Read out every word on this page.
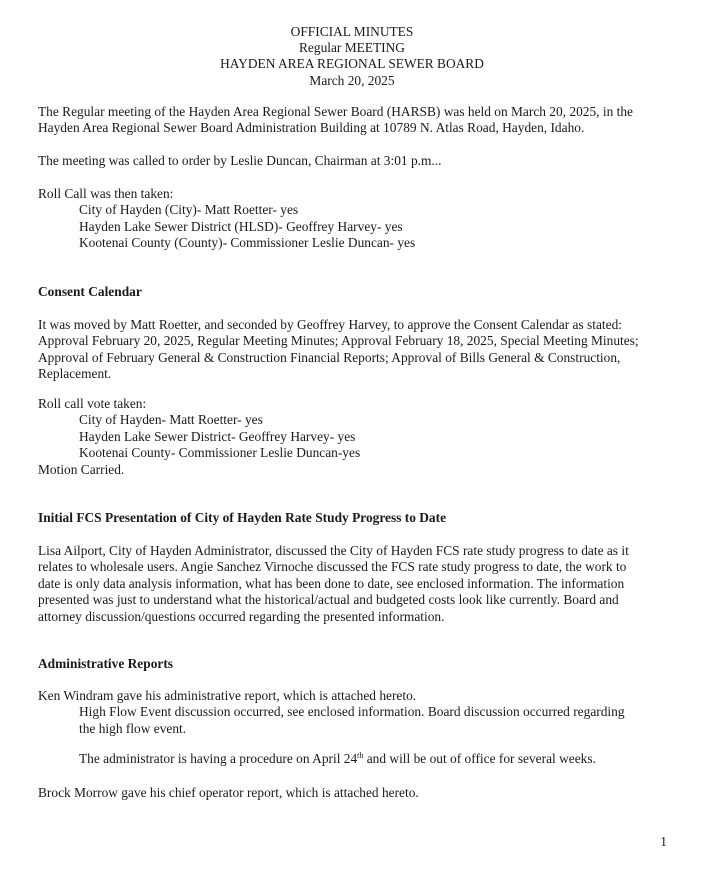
OFFICIAL MINUTES
Regular MEETING
HAYDEN AREA REGIONAL SEWER BOARD
March 20, 2025
The Regular meeting of the Hayden Area Regional Sewer Board (HARSB) was held on March 20, 2025, in the
Hayden Area Regional Sewer Board Administration Building at 10789 N. Atlas Road, Hayden, Idaho.
The meeting was called to order by Leslie Duncan, Chairman at 3:01 p.m...
Roll Call was then taken:
City of Hayden (City)- Matt Roetter- yes
Hayden Lake Sewer District (HLSD)- Geoffrey Harvey- yes
Kootenai County (County)- Commissioner Leslie Duncan- yes
Consent Calendar
It was moved by Matt Roetter, and seconded by Geoffrey Harvey, to approve the Consent Calendar as stated:
Approval February 20, 2025, Regular Meeting Minutes; Approval February 18, 2025, Special Meeting Minutes;
Approval of February General & Construction Financial Reports; Approval of Bills General & Construction,
Replacement.
Roll call vote taken:
City of Hayden- Matt Roetter- yes
Hayden Lake Sewer District- Geoffrey Harvey- yes
Kootenai County- Commissioner Leslie Duncan-yes
Motion Carried.
Initial FCS Presentation of City of Hayden Rate Study Progress to Date
Lisa Ailport, City of Hayden Administrator, discussed the City of Hayden FCS rate study progress to date as it
relates to wholesale users. Angie Sanchez Virnoche discussed the FCS rate study progress to date, the work to
date is only data analysis information, what has been done to date, see enclosed information. The information
presented was just to understand what the historical/actual and budgeted costs look like currently. Board and
attorney discussion/questions occurred regarding the presented information.
Administrative Reports
Ken Windram gave his administrative report, which is attached hereto.
High Flow Event discussion occurred, see enclosed information. Board discussion occurred regarding
the high flow event.
The administrator is having a procedure on April 24th and will be out of office for several weeks.
Brock Morrow gave his chief operator report, which is attached hereto.
1
